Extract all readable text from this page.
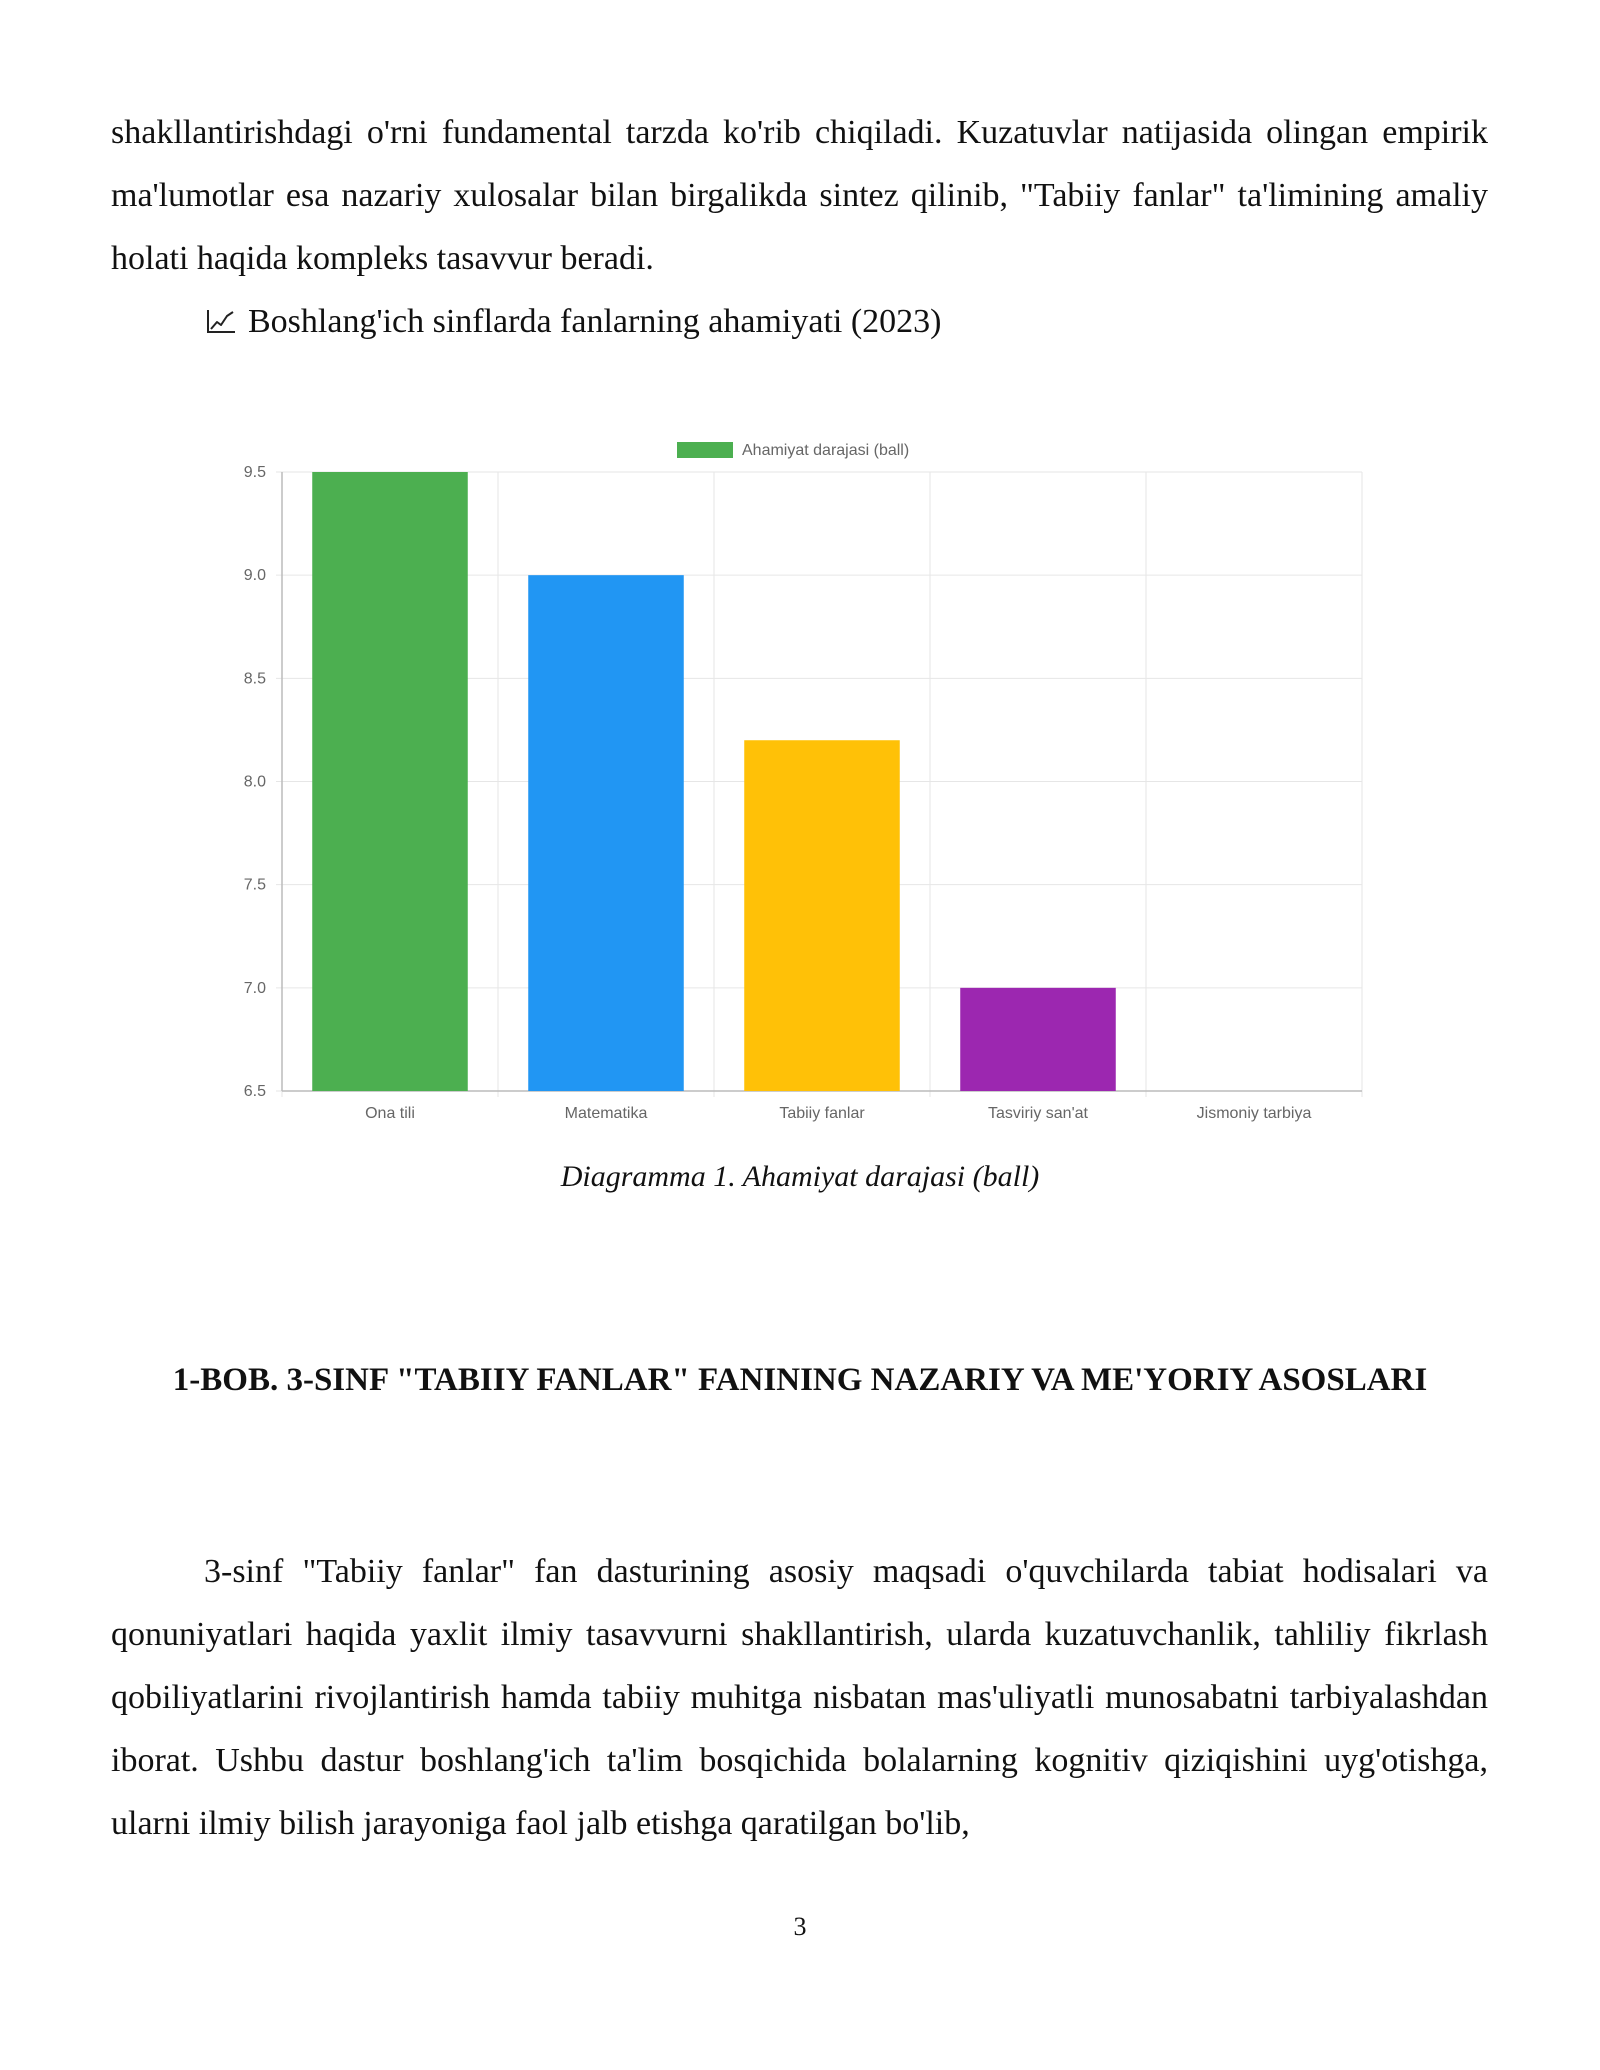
shakllantirishdagi o'rni fundamental tarzda ko'rib chiqiladi. Kuzatuvlar natijasida olingan empirik ma'lumotlar esa nazariy xulosalar bilan birgalikda sintez qilinib, "Tabiiy fanlar" ta'limining amaliy holati haqida kompleks tasavvur beradi.

Boshlang'ich sinflarda fanlarning ahamiyati (2023)

9.5
9.0
8.5
8.0
7.5
7.0
6.5
Ona tili	Matematika	Tabiiy fanlar	Tasviriy san'at	Jismoniy tarbiya
Ahamiyat darajasi (ball)

Diagramma 1. Ahamiyat darajasi (ball)

1-BOB. 3-SINF "TABIIY FANLAR" FANINING NAZARIY VA ME'YORIY ASOSLARI

3-sinf "Tabiiy fanlar" fan dasturining asosiy maqsadi o'quvchilarda tabiat hodisalari va qonuniyatlari haqida yaxlit ilmiy tasavvurni shakllantirish, ularda kuzatuvchanlik, tahliliy fikrlash qobiliyatlarini rivojlantirish hamda tabiiy muhitga nisbatan mas'uliyatli munosabatni tarbiyalashdan iborat. Ushbu dastur boshlang'ich ta'lim bosqichida bolalarning kognitiv qiziqishini uyg'otishga, ularni ilmiy bilish jarayoniga faol jalb etishga qaratilgan bo'lib,

3
